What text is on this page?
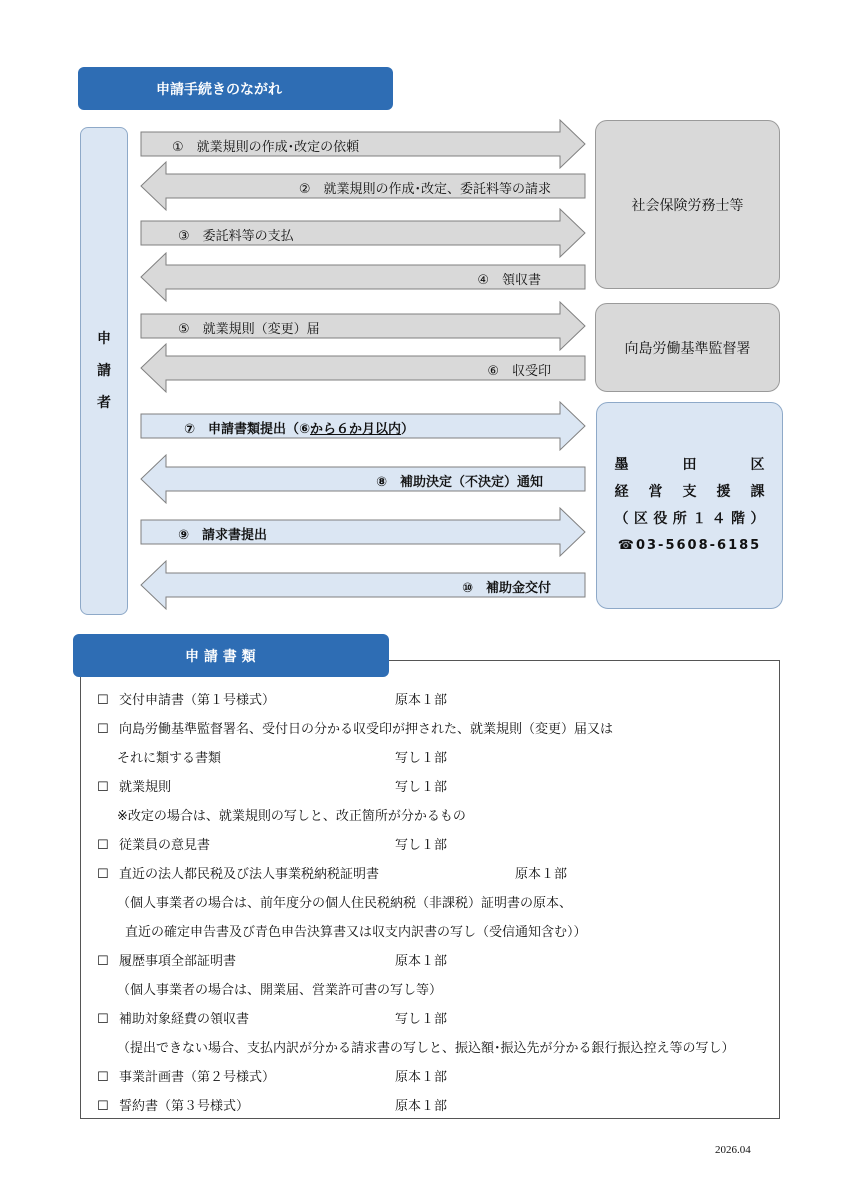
申請手続きのながれ
申
請
者
①　就業規則の作成･改定の依頼
②　就業規則の作成･改定、委託料等の請求
③　委託料等の支払
④　領収書
⑤　就業規則（変更）届
⑥　収受印
⑦　申請書類提出（⑥から６か月以内）
⑧　補助決定（不決定）通知
⑨　請求書提出
⑩　補助金交付
社会保険労務士等
向島労働基準監督署
墨	田	区
経 営 支 援 課
（ 区 役 所 １ ４ 階 ）
☎03-5608-6185
申 請 書 類
☐ 交付申請書（第１号様式）	原本１部
☐ 向島労働基準監督署名、受付日の分かる収受印が押された、就業規則（変更）届又は
それに類する書類	写し１部
☐ 就業規則	写し１部
※改定の場合は、就業規則の写しと、改正箇所が分かるもの
☐ 従業員の意見書	写し１部
☐ 直近の法人都民税及び法人事業税納税証明書	原本１部
（個人事業者の場合は、前年度分の個人住民税納税（非課税）証明書の原本、
直近の確定申告書及び青色申告決算書又は収支内訳書の写し（受信通知含む））
☐ 履歴事項全部証明書	原本１部
（個人事業者の場合は、開業届、営業許可書の写し等）
☐ 補助対象経費の領収書	写し１部
（提出できない場合、支払内訳が分かる請求書の写しと、振込額･振込先が分かる銀行振込控え等の写し）
☐ 事業計画書（第２号様式）	原本１部
☐ 誓約書（第３号様式）	原本１部
2026.04
